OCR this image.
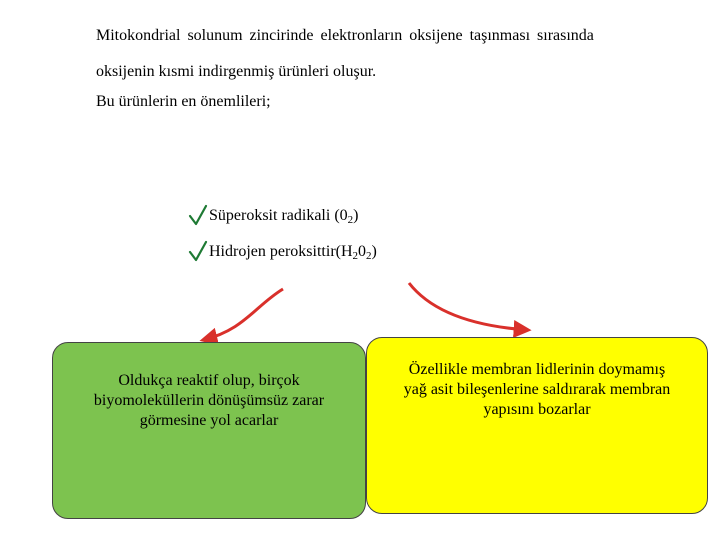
Mitokondrial solunum zincirinde elektronların oksijene taşınması sırasında
oksijenin kısmi indirgenmiş ürünleri oluşur.
Bu ürünlerin en önemlileri;
Süperoksit radikali $(0_2)$
Hidrojen $peroksittir(H_20_2)$

Oldukça reaktif olup, birçok

biyomoleküllerin dönüşümsüz zarar

görmesine yol acarlar

Özellikle membran lidlerinin doymamış

yağ asit bileşenlerine saldırarak membran

yapısını bozarlar
